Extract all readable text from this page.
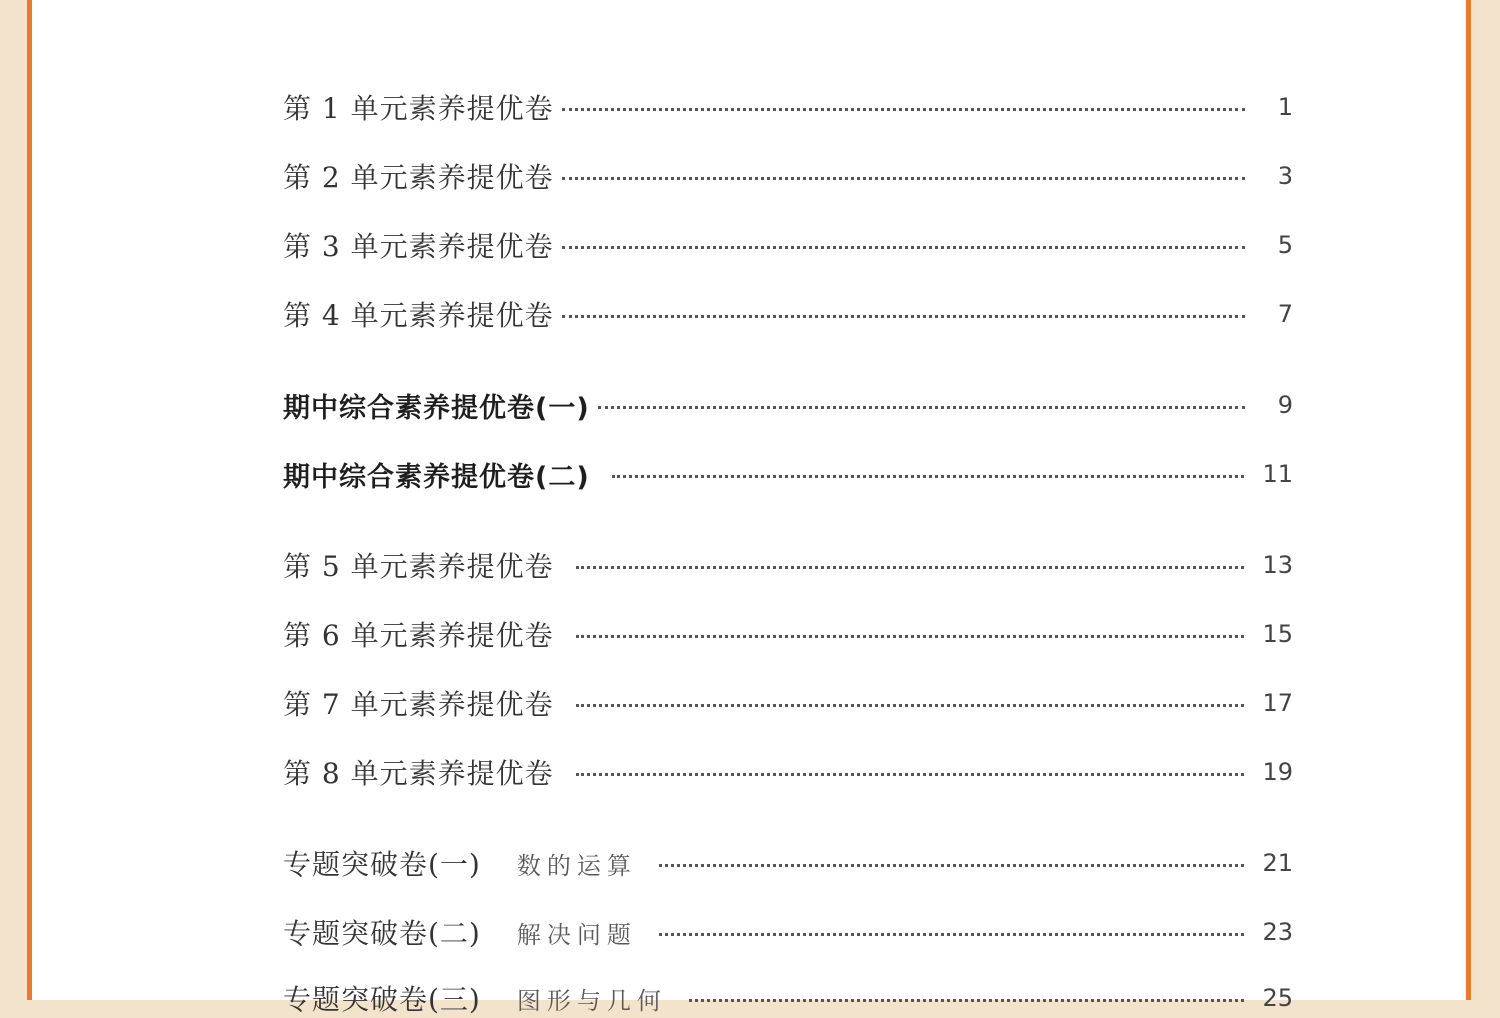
第 1 单元素养提优卷	1
第 2 单元素养提优卷	3
第 3 单元素养提优卷	5
第 4 单元素养提优卷	7
期中综合素养提优卷(一)	9
期中综合素养提优卷(二)	11
第 5 单元素养提优卷	13
第 6 单元素养提优卷	15
第 7 单元素养提优卷	17
第 8 单元素养提优卷	19
专题突破卷(一) 数的运算	21
专题突破卷(二) 解决问题	23
专题突破卷(三) 图形与几何	25
